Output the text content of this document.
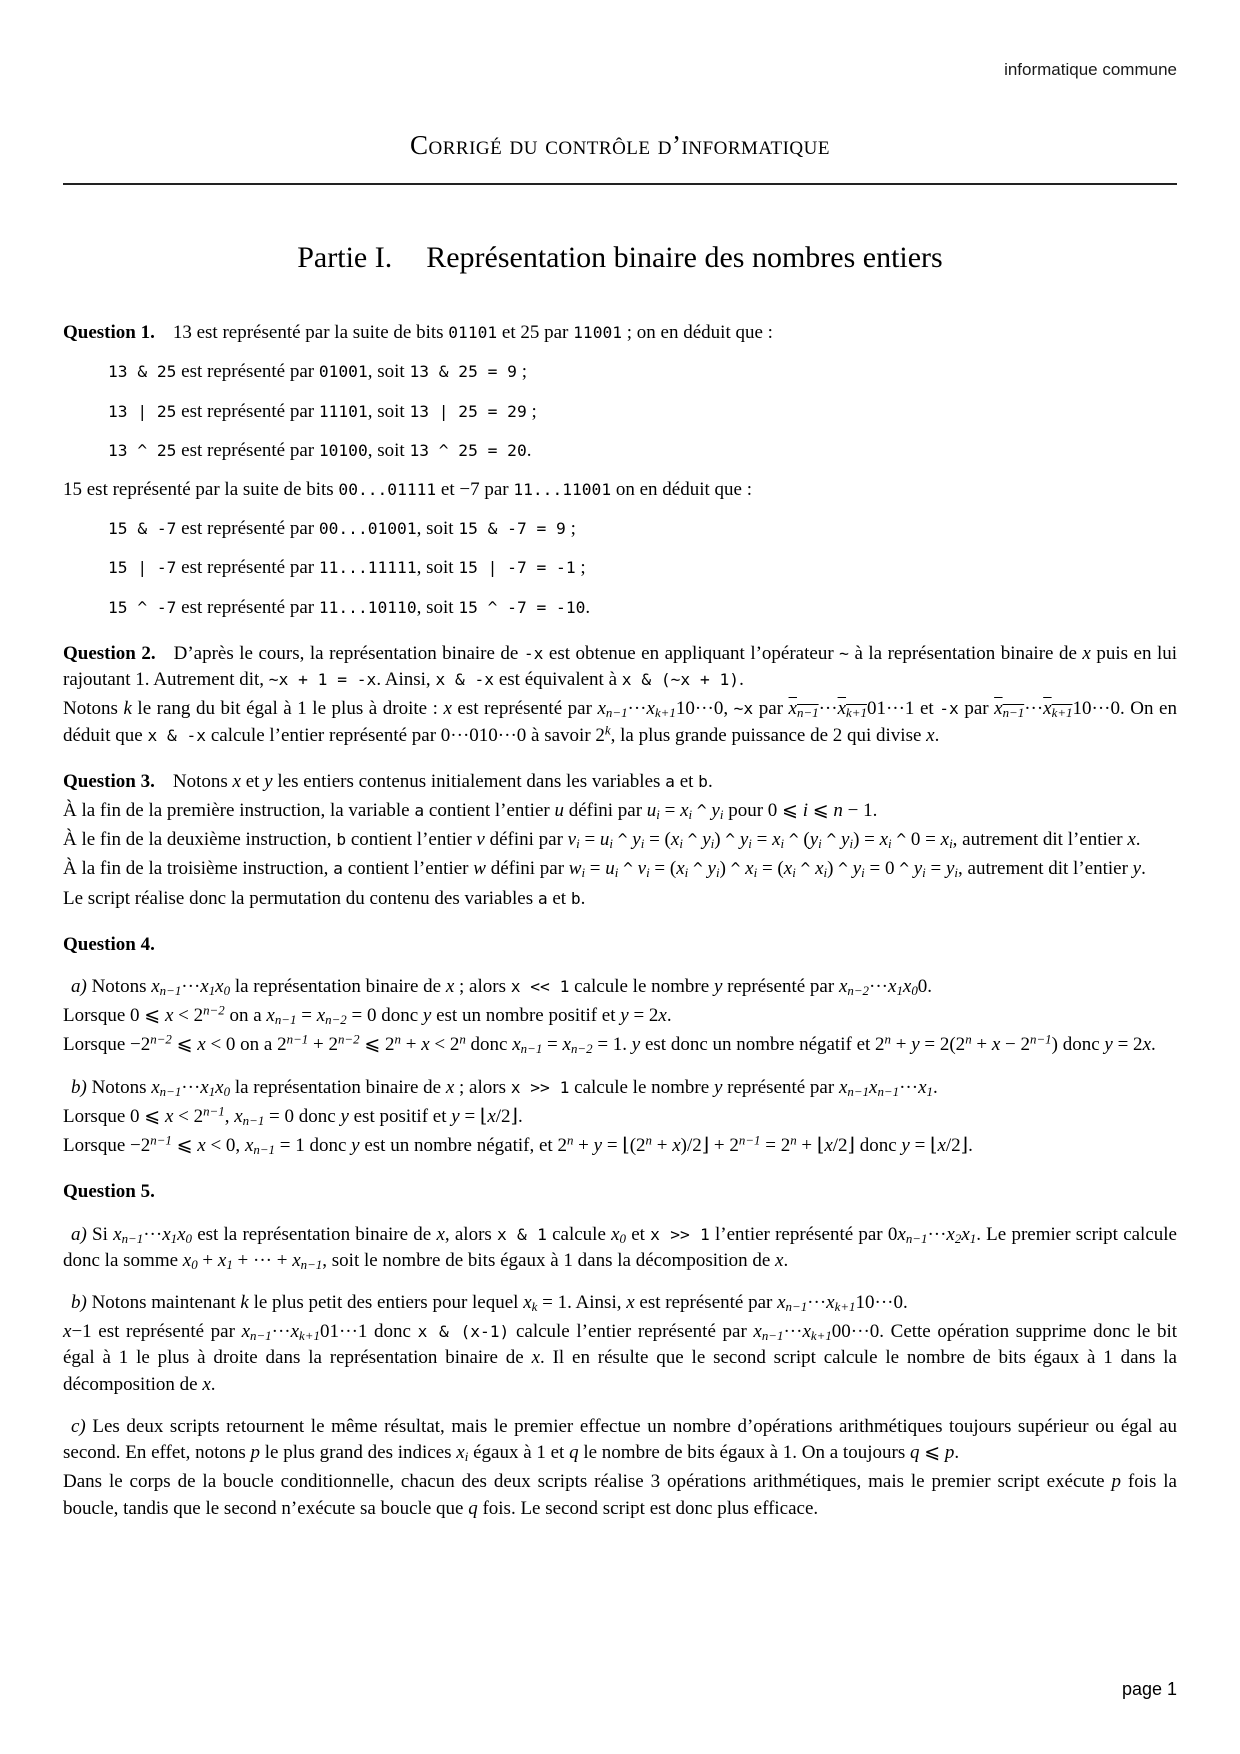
informatique commune
Corrigé du contrôle d’informatique
Partie I. Représentation binaire des nombres entiers
Question 1. 13 est représenté par la suite de bits 01101 et 25 par 11001 ; on en déduit que :
13 & 25 est représenté par 01001, soit 13 & 25 = 9 ;
13 | 25 est représenté par 11101, soit 13 | 25 = 29 ;
13 ^ 25 est représenté par 10100, soit 13 ^ 25 = 20.
15 est représenté par la suite de bits 00...01111 et −7 par 11...11001 on en déduit que :
15 & -7 est représenté par 00...01001, soit 15 & -7 = 9 ;
15 | -7 est représenté par 11...11111, soit 15 | -7 = -1 ;
15 ^ -7 est représenté par 11...10110, soit 15 ^ -7 = -10.
Question 2. D’après le cours, la représentation binaire de -x est obtenue en appliquant l’opérateur ~ à la représentation binaire de x puis en lui rajoutant 1. Autrement dit, ~x + 1 = -x. Ainsi, x & -x est équivalent à x & (~x + 1).
Notons k le rang du bit égal à 1 le plus à droite : x est représenté par $x_{n-1}\cdot\cdot\cdot x_{k+1}10\cdot\cdot\cdot 0$, ~x par $x_{n-1}\cdot\cdot\cdot x_{k+1}01\cdot\cdot\cdot 1$ et -x par $x_{n-1}\cdot\cdot\cdot x_{k+1}10\cdot\cdot\cdot 0$. On en déduit que x & -x calcule l’entier représenté par 0···010···0 à savoir 2$^k$, la plus grande puissance de 2 qui divise x.
Question 3. Notons x et y les entiers contenus initialement dans les variables a et b.
À la fin de la première instruction, la variable a contient l’entier u défini par $u_i = x_i$ ^ $y_i$ pour 0 ⩽ i ⩽ n − 1.
À le fin de la deuxième instruction, b contient l’entier v défini par $v_i = u_i$ ^ $y_i = (x_i$ ^ $y_i$) ^ $y_i = x_i$ ^ ($y_i$ ^ $y_i) = x_i$ ^ $0 = x_i$, autrement dit l’entier x.
À la fin de la troisième instruction, a contient l’entier w défini par $w_i = u_i$ ^ $v_i = (x_i$ ^ $y_i$) ^ $x_i = (x_i$ ^ $x_i$) ^ $y_i = 0$ ^ $y_i = y_i$, autrement dit l’entier y.
Le script réalise donc la permutation du contenu des variables a et b.
Question 4.
a) Notons $x_{n-1}\cdot\cdot\cdot x_1x_0$ la représentation binaire de x ; alors x << 1 calcule le nombre y représenté par $x_{n-2}\cdot\cdot\cdot x_1x_00$.
Lorsque 0 ⩽ $x < 2^{n-2}$ on a $x_{n-1} = x_{n-2} = 0$ donc y est un nombre positif et y = 2x.
Lorsque $-2^{n-2}$ ⩽ x < 0 on a $2^{n-1} + 2^{n-2}$ ⩽ $2^n + x < 2^n$ donc $x_{n-1} = x_{n-2} = 1$. y est donc un nombre négatif et $2^n + y = 2(2^n + x - 2^{n-1})$ donc y = 2x.
b) Notons $x_{n-1}\cdot\cdot\cdot x_1x_0$ la représentation binaire de x ; alors x >> 1 calcule le nombre y représenté par $x_{n-1}x_{n-1}\cdot\cdot\cdot x_1$.
Lorsque 0 ⩽ $x < 2^{n-1}$, $x_{n-1} = 0$ donc y est positif et y = ⌊x/2⌋.
Lorsque $-2^{n-1}$ ⩽ x < 0, $x_{n-1} = 1$ donc y est un nombre négatif, et $2^n + y$ = $⌊(2^n$ + x)/2⌋ + $2^{n-1} = 2^n$ + ⌊x/2⌋ donc y = ⌊x/2⌋.
Question 5.
a) Si $x_{n-1}\cdot\cdot\cdot x_1x_0$ est la représentation binaire de x, alors x & 1 calcule $x_0$ et x >> 1 l’entier représenté par $0x_{n-1}\cdot\cdot\cdot x_2x_1$. Le premier script calcule donc la somme $x_0 + x_1$ + ··· + $x_{n-1}$, soit le nombre de bits égaux à 1 dans la décomposition de x.
b) Notons maintenant k le plus petit des entiers pour lequel $x_k = 1$. Ainsi, x est représenté par $x_{n-1}\cdot\cdot\cdot x_{k+1}10\cdot\cdot\cdot 0$.
x−1 est représenté par $x_{n-1}\cdot\cdot\cdot x_{k+1}01\cdot\cdot\cdot 1$ donc x & (x-1) calcule l’entier représenté par $x_{n-1}\cdot\cdot\cdot x_{k+1}00\cdot\cdot\cdot 0$. Cette opération supprime donc le bit égal à 1 le plus à droite dans la représentation binaire de x. Il en résulte que le second script calcule le nombre de bits égaux à 1 dans la décomposition de x.
c) Les deux scripts retournent le même résultat, mais le premier effectue un nombre d’opérations arithmétiques toujours supérieur ou égal au second. En effet, notons p le plus grand des indices $x_i$ égaux à 1 et q le nombre de bits égaux à 1. On a toujours q ⩽ p.
Dans le corps de la boucle conditionnelle, chacun des deux scripts réalise 3 opérations arithmétiques, mais le premier script exécute p fois la boucle, tandis que le second n’exécute sa boucle que q fois. Le second script est donc plus efficace.
page 1
